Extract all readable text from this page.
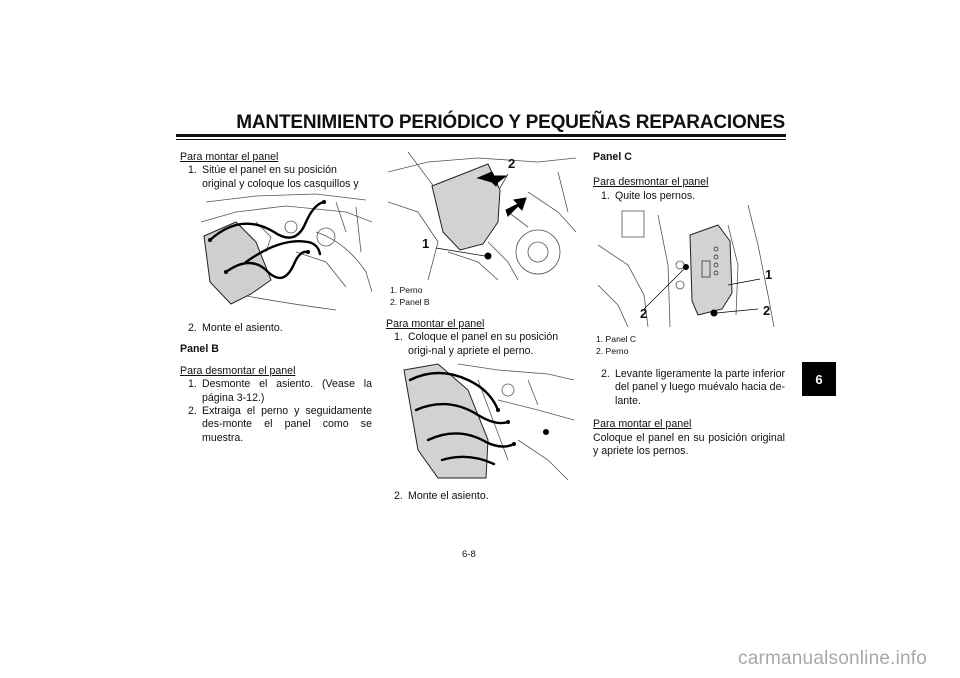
MANTENIMIENTO PERIÓDICO Y PEQUEÑAS REPARACIONES

Para montar el panel

1. Sitúe el panel en su posición original y coloque los casquillos y

2. Monte el asiento.

Panel B

Para desmontar el panel

1. Desmonte el asiento. (Vease la página 3-12.)

2. Extraiga el perno y seguidamente des-monte el panel como se muestra.

1
2

1. Perno

2. Panel B

Para montar el panel

1. Coloque el panel en su posición origi-nal y apriete el perno.

2. Monte el asiento.

Panel C

Para desmontar el panel

1. Quite los pernos.

1
2	2

1. Panel C

2. Perno

2. Levante ligeramente la parte inferior del panel y luego muévalo hacia de-lante.

Para montar el panel

Coloque el panel en su posición original y apriete los pernos.

6
6-8
carmanualsonline.info
